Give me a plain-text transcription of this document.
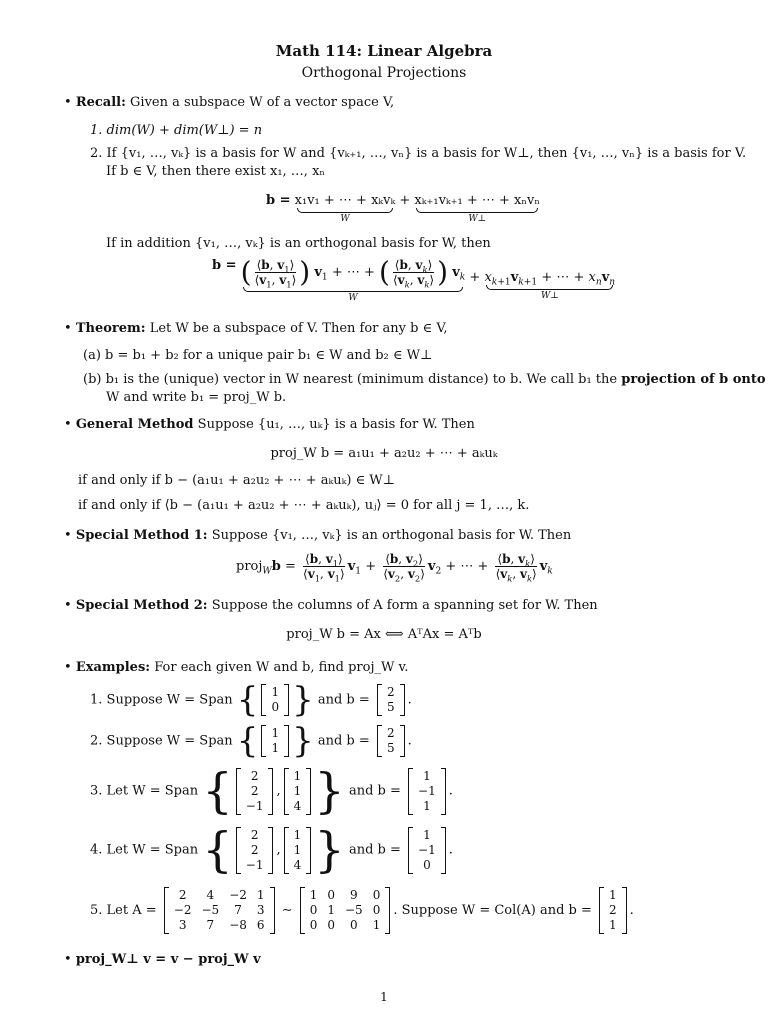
Math 114: Linear Algebra
Orthogonal Projections
• Recall: Given a subspace W of a vector space V,
1. dim(W) + dim(W⊥) = n
2. If {v₁, …, vₖ} is a basis for W and {vₖ₊₁, …, vₙ} is a basis for W⊥, then {v₁, …, vₙ} is a basis for V.
If b ∈ V, then there exist x₁, …, xₙ
b = x₁v₁ + ⋯ + xₖvₖ
W
+ xₖ₊₁vₖ₊₁ + ⋯ + xₙvₙ
W⊥
If in addition {v₁, …, vₖ} is an orthogonal basis for W, then
b = ( $\frac{⟨b, v_1⟩}{⟨v_1, v_1⟩}$ ) $v_1$ + ⋯ + ( $\frac{⟨b, v_k⟩}{⟨v_k, v_k⟩}$ ) $v_k$
W
+ $x_{k+1}v_{k+1}$ + ⋯ + $x_nv_n$
W⊥
• Theorem: Let W be a subspace of V. Then for any b ∈ V,
(a) b = b₁ + b₂ for a unique pair b₁ ∈ W and b₂ ∈ W⊥
(b) b₁ is the (unique) vector in W nearest (minimum distance) to b. We call b₁ the projection of b onto
W and write b₁ = proj_W b.
• General Method Suppose {u₁, …, uₖ} is a basis for W. Then
proj_W b = a₁u₁ + a₂u₂ + ⋯ + aₖuₖ
if and only if b − (a₁u₁ + a₂u₂ + ⋯ + aₖuₖ) ∈ W⊥
if and only if ⟨b − (a₁u₁ + a₂u₂ + ⋯ + aₖuₖ), uⱼ⟩ = 0 for all j = 1, …, k.
• Special Method 1: Suppose {v₁, …, vₖ} is an orthogonal basis for W. Then
proj$_W$b = $\frac{⟨b, v_1⟩}{⟨v_1, v_1⟩} v_1 + \frac{⟨b, v_2⟩}{⟨v_2, v_2⟩} v_2$ + ⋯ + $\frac{⟨b, v_k⟩}{⟨v_k, v_k⟩} v_k$
• Special Method 2: Suppose the columns of A form a spanning set for W. Then
proj_W b = Ax ⟺ AᵀAx = Aᵀb
• Examples: For each given W and b, find proj_W v.
1. Suppose W = Span { 1
0 } and b =
2
5 .
2. Suppose W = Span { 1
1 } and b =
2
5 .
3. Let W = Span { 2
2
−1
,
1
1
4 } and b =
1
−1
1
.
4. Let W = Span { 2
2
−1
,
1
1
4 } and b =
1
−1
0
.
5. Let A =
2	4	−2	1
−2	−5	7	3
3	7	−8	6
∼
1	0	9	0
0	1	−5	0
0	0	0	1
. Suppose W = Col(A) and b =
1
2
1
.
• proj_W⊥ v = v − proj_W v
1
